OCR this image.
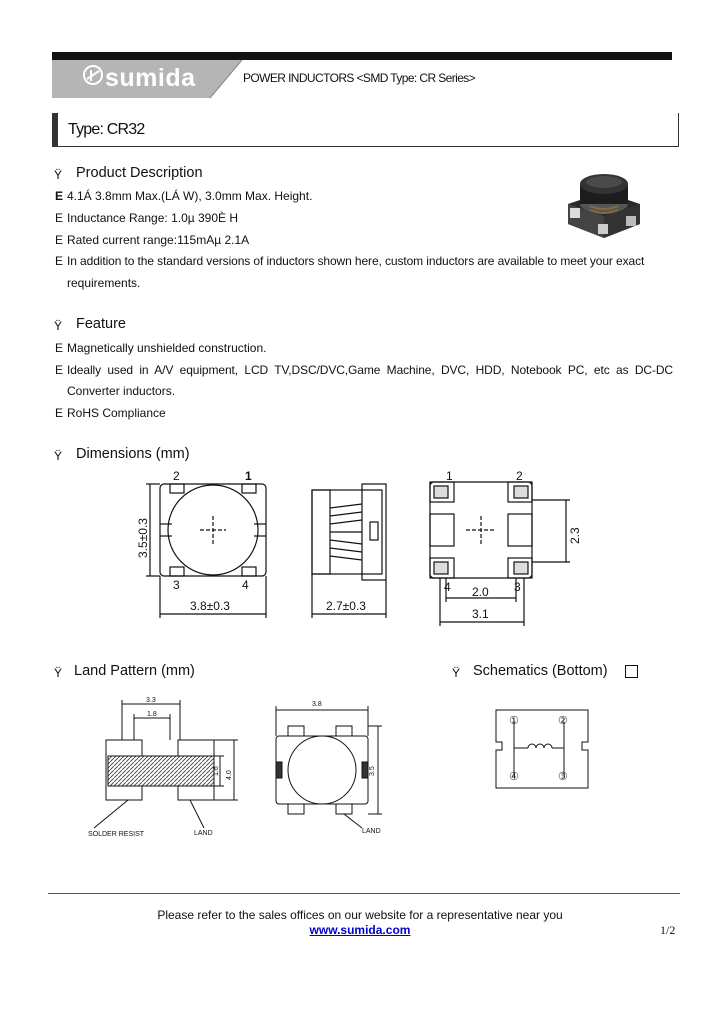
sumida	POWER INDUCTORS <SMD Type: CR Series>
Type: CR32
Ÿ Product Description
E 4.1Á 3.8mm Max.(LÁ W), 3.0mm Max. Height.
E Inductance Range: 1.0µ 390È H
E Rated current range:115mAµ 2.1A
E In addition to the standard versions of inductors shown here, custom inductors are available to meet your exact
requirements.
Ÿ Feature
E Magnetically unshielded construction.
E Ideally used in A/V equipment, LCD TV,DSC/DVC,Game Machine, DVC, HDD, Notebook PC, etc as DC-DC
Converter inductors.
E RoHS Compliance
Ÿ Dimensions (mm)
2	1
3	4
3.5±0.3
3.8±0.3	2.7±0.3
1	2
4	3
2.0
3.1
2.3
Ÿ Land Pattern (mm)
3.3
1.8
1.6 4.0
SOLDER RESIST	LAND
3.8
3.5
LAND
Ÿ Schematics (Bottom)
①	②
④	③
Please refer to the sales offices on our website for a representative near you
www.sumida.com	1/2
